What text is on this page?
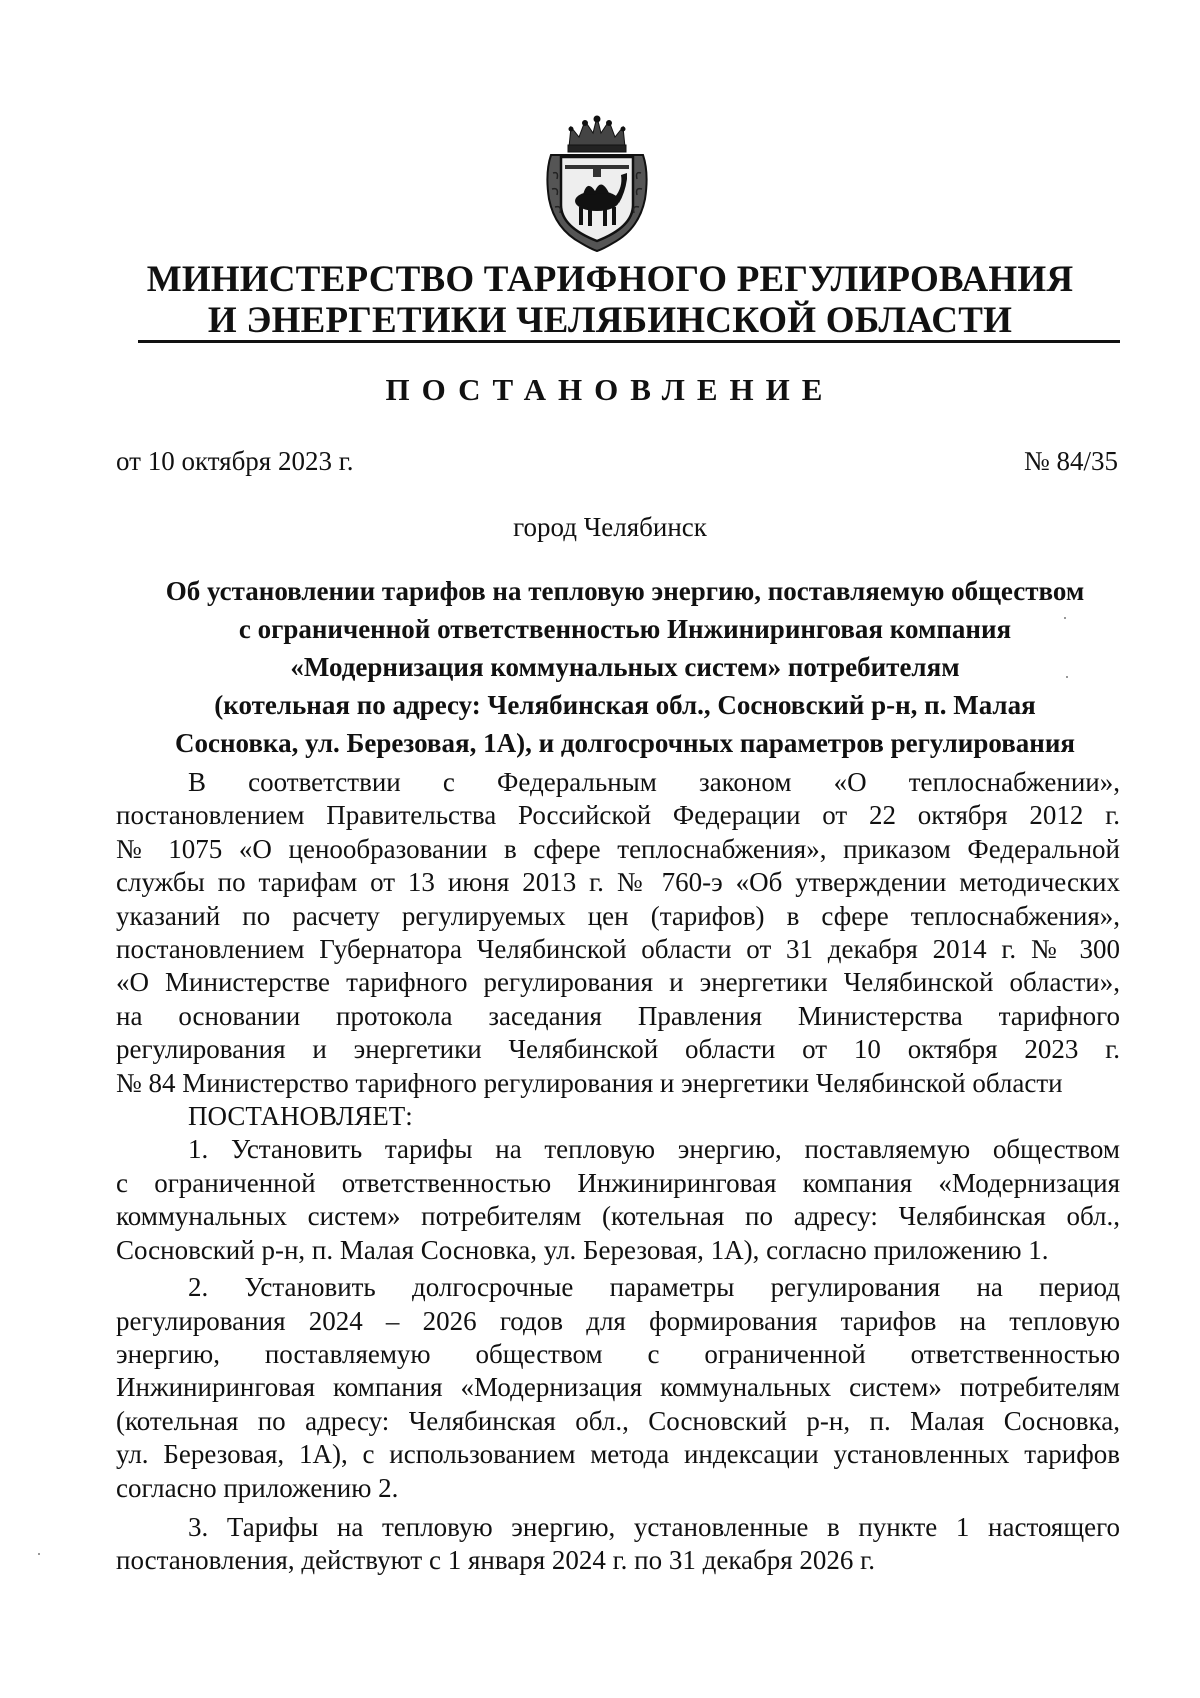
МИНИСТЕРСТВО ТАРИФНОГО РЕГУЛИРОВАНИЯ
И ЭНЕРГЕТИКИ ЧЕЛЯБИНСКОЙ ОБЛАСТИ
ПОСТАНОВЛЕНИЕ
от 10 октября 2023 г.	№ 84/35
город Челябинск
Об установлении тарифов на тепловую энергию, поставляемую обществом
с ограниченной ответственностью Инжиниринговая компания
«Модернизация коммунальных систем» потребителям
(котельная по адресу: Челябинская обл., Сосновский р-н, п. Малая
Сосновка, ул. Березовая, 1А), и долгосрочных параметров регулирования
В соответствии с Федеральным законом «О теплоснабжении»,
постановлением Правительства Российской Федерации от 22 октября 2012 г.
№ 1075 «О ценообразовании в сфере теплоснабжения», приказом Федеральной
службы по тарифам от 13 июня 2013 г. № 760-э «Об утверждении методических
указаний по расчету регулируемых цен (тарифов) в сфере теплоснабжения»,
постановлением Губернатора Челябинской области от 31 декабря 2014 г. № 300
«О Министерстве тарифного регулирования и энергетики Челябинской области»,
на основании протокола заседания Правления Министерства тарифного
регулирования и энергетики Челябинской области от 10 октября 2023 г.
№ 84 Министерство тарифного регулирования и энергетики Челябинской области
ПОСТАНОВЛЯЕТ:
1. Установить тарифы на тепловую энергию, поставляемую обществом
с ограниченной ответственностью Инжиниринговая компания «Модернизация
коммунальных систем» потребителям (котельная по адресу: Челябинская обл.,
Сосновский р-н, п. Малая Сосновка, ул. Березовая, 1А), согласно приложению 1.
2. Установить долгосрочные параметры регулирования на период
регулирования 2024 – 2026 годов для формирования тарифов на тепловую
энергию, поставляемую обществом с ограниченной ответственностью
Инжиниринговая компания «Модернизация коммунальных систем» потребителям
(котельная по адресу: Челябинская обл., Сосновский р-н, п. Малая Сосновка,
ул. Березовая, 1А), с использованием метода индексации установленных тарифов
согласно приложению 2.
3. Тарифы на тепловую энергию, установленные в пункте 1 настоящего
постановления, действуют с 1 января 2024 г. по 31 декабря 2026 г.
